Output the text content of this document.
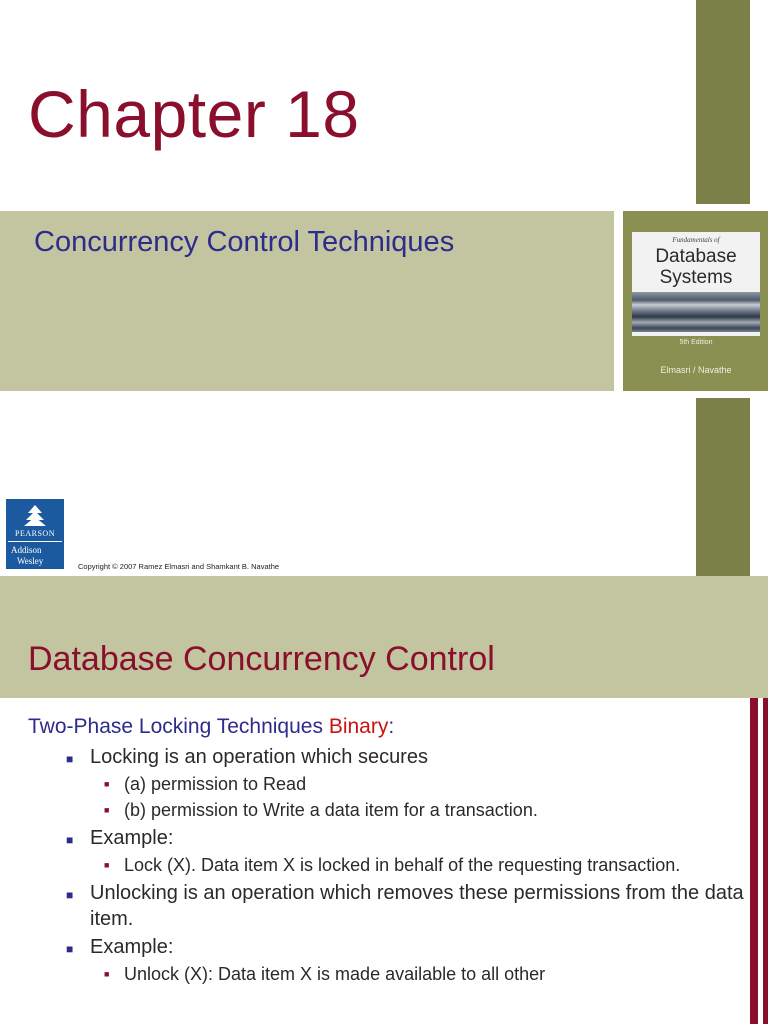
Chapter 18
Concurrency Control Techniques	Fundamentals of
Database
Systems
5th Edition
Elmasri / Navathe
PEARSON
Addison
Wesley
Copyright © 2007 Ramez Elmasri and Shamkant B. Navathe
Database Concurrency Control

Two-Phase Locking Techniques Binary:

■ Locking is an operation which secures
■ (a) permission to Read
■ (b) permission to Write a data item for a transaction.
■ Example:
■ Lock (X). Data item X is locked in behalf of the requesting transaction.
■ Unlocking is an operation which removes these permissions from the data item.
■ Example:
■ Unlock (X): Data item X is made available to all other
